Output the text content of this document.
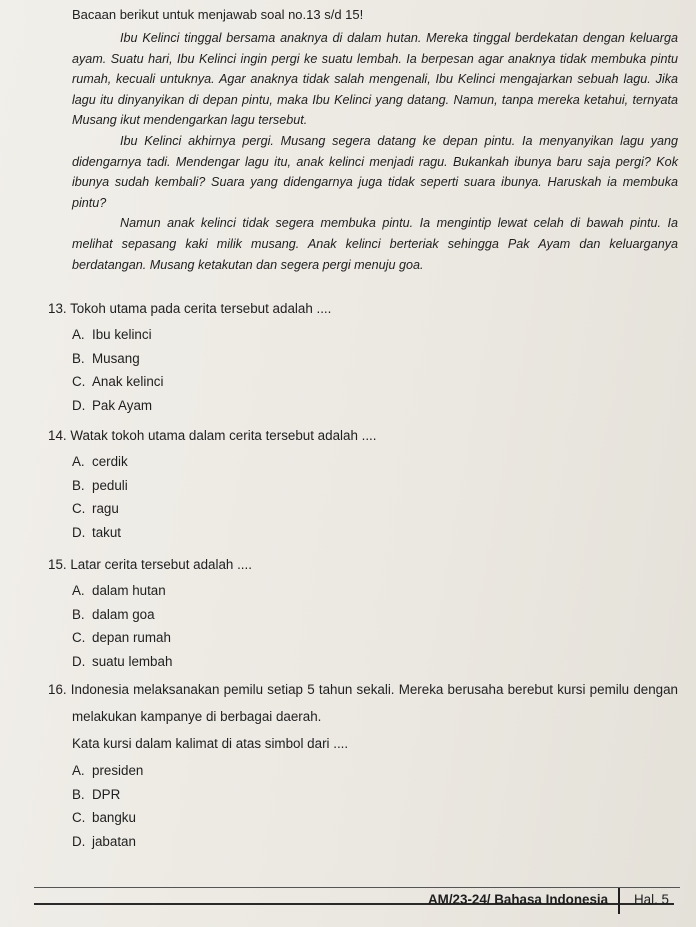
Bacaan berikut untuk menjawab soal no.13 s/d 15!

Ibu Kelinci tinggal bersama anaknya di dalam hutan. Mereka tinggal berdekatan dengan keluarga ayam. Suatu hari, Ibu Kelinci ingin pergi ke suatu lembah. Ia berpesan agar anaknya tidak membuka pintu rumah, kecuali untuknya. Agar anaknya tidak salah mengenali, Ibu Kelinci mengajarkan sebuah lagu. Jika lagu itu dinyanyikan di depan pintu, maka Ibu Kelinci yang datang. Namun, tanpa mereka ketahui, ternyata Musang ikut mendengarkan lagu tersebut.

Ibu Kelinci akhirnya pergi. Musang segera datang ke depan pintu. Ia menyanyikan lagu yang didengarnya tadi. Mendengar lagu itu, anak kelinci menjadi ragu. Bukankah ibunya baru saja pergi? Kok ibunya sudah kembali? Suara yang didengarnya juga tidak seperti suara ibunya. Haruskah ia membuka pintu?

Namun anak kelinci tidak segera membuka pintu. Ia mengintip lewat celah di bawah pintu. Ia melihat sepasang kaki milik musang. Anak kelinci berteriak sehingga Pak Ayam dan keluarganya berdatangan. Musang ketakutan dan segera pergi menuju goa.

13. Tokoh utama pada cerita tersebut adalah ....

A. Ibu kelinci
B. Musang
C. Anak kelinci
D. Pak Ayam

14. Watak tokoh utama dalam cerita tersebut adalah ....

A. cerdik
B. peduli
C. ragu
D. takut

15. Latar cerita tersebut adalah ....

A. dalam hutan
B. dalam goa
C. depan rumah
D. suatu lembah

16. Indonesia melaksanakan pemilu setiap 5 tahun sekali. Mereka berusaha berebut kursi pemilu dengan melakukan kampanye di berbagai daerah.

Kata kursi dalam kalimat di atas simbol dari ....

A. presiden
B. DPR
C. bangku
D. jabatan
AM/23-24/ Bahasa Indonesia Hal. 5
